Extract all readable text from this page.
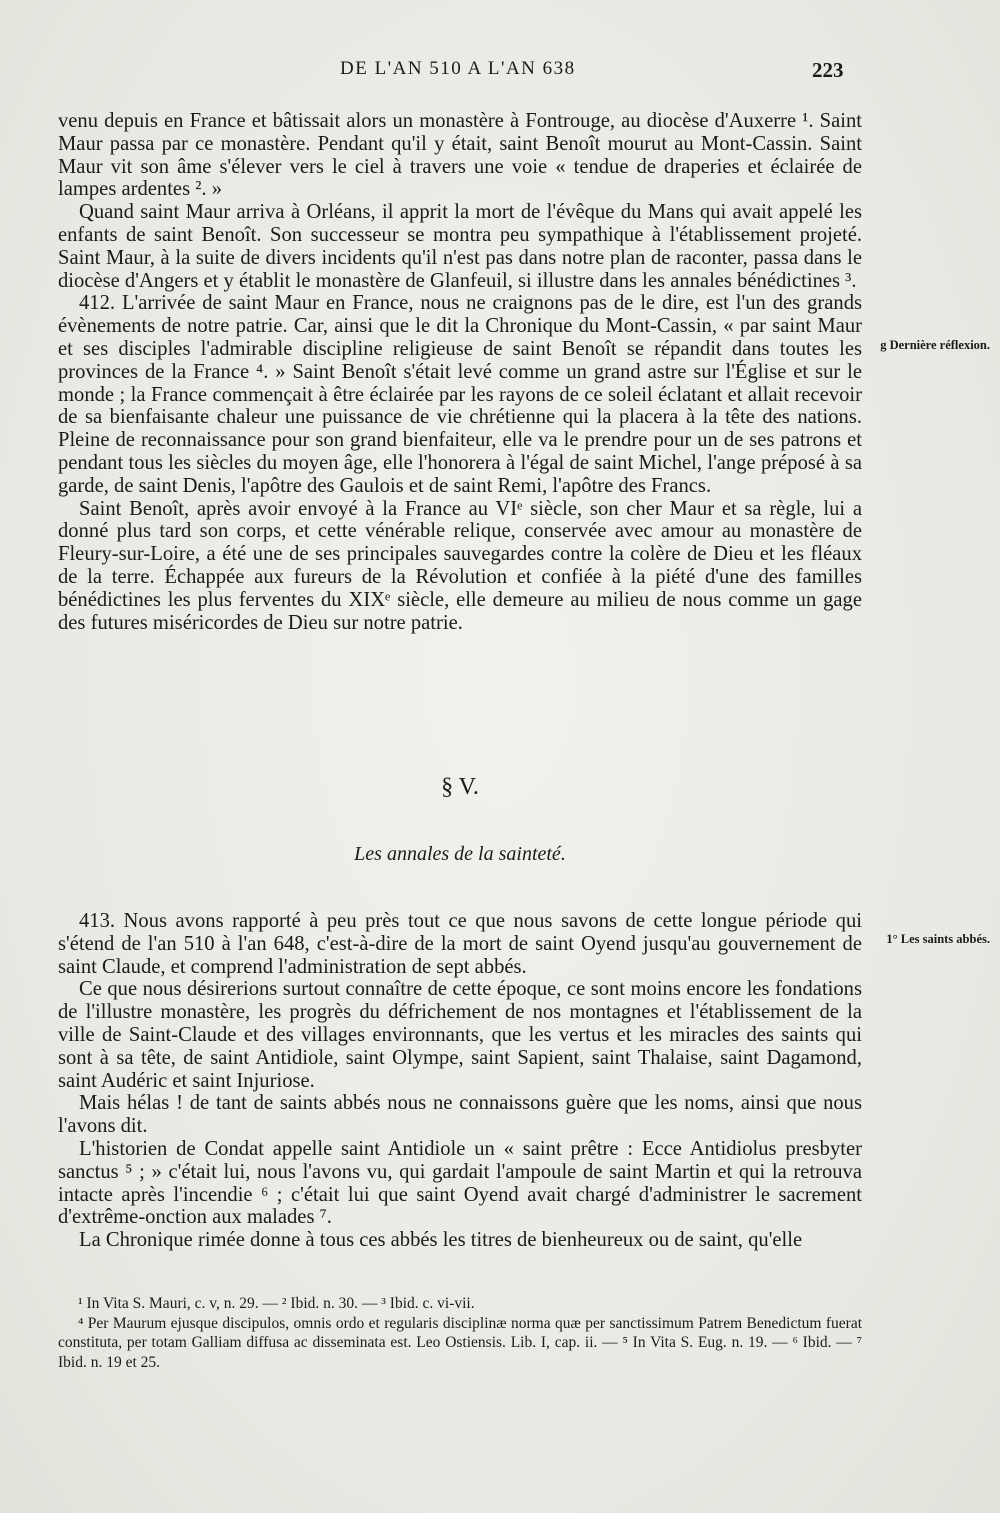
DE L'AN 510 A L'AN 638	223

venu depuis en France et bâtissait alors un monastère à Fontrouge, au diocèse d'Auxerre ¹. Saint Maur passa par ce monastère. Pendant qu'il y était, saint Benoît mourut au Mont-Cassin. Saint Maur vit son âme s'élever vers le ciel à travers une voie « tendue de draperies et éclairée de lampes ardentes ². »

Quand saint Maur arriva à Orléans, il apprit la mort de l'évêque du Mans qui avait appelé les enfants de saint Benoît. Son successeur se montra peu sympathique à l'établissement projeté. Saint Maur, à la suite de divers incidents qu'il n'est pas dans notre plan de raconter, passa dans le diocèse d'Angers et y établit le monastère de Glanfeuil, si illustre dans les annales bénédictines ³.

412. L'arrivée de saint Maur en France, nous ne craignons pas de le dire, est l'un des grands évènements de notre patrie. Car, ainsi que le dit la Chronique du Mont-Cassin, « par saint Maur et ses disciples l'admirable discipline religieuse de saint Benoît se répandit dans toutes les provinces de la France ⁴. » Saint Benoît s'était levé comme un grand astre sur l'Église et sur le monde ; la France commençait à être éclairée par les rayons de ce soleil éclatant et allait recevoir de sa bienfaisante chaleur une puissance de vie chrétienne qui la placera à la tête des nations. Pleine de reconnaissance pour son grand bienfaiteur, elle va le prendre pour un de ses patrons et pendant tous les siècles du moyen âge, elle l'honorera à l'égal de saint Michel, l'ange préposé à sa garde, de saint Denis, l'apôtre des Gaulois et de saint Remi, l'apôtre des Francs.

Saint Benoît, après avoir envoyé à la France au VIᵉ siècle, son cher Maur et sa règle, lui a donné plus tard son corps, et cette vénérable relique, conservée avec amour au monastère de Fleury-sur-Loire, a été une de ses principales sauvegardes contre la colère de Dieu et les fléaux de la terre. Échappée aux fureurs de la Révolution et confiée à la piété d'une des familles bénédictines les plus ferventes du XIXᵉ siècle, elle demeure au milieu de nous comme un gage des futures miséricordes de Dieu sur notre patrie.

g Dernière réflexion.
§ V.
Les annales de la sainteté.

413. Nous avons rapporté à peu près tout ce que nous savons de cette longue période qui s'étend de l'an 510 à l'an 648, c'est-à-dire de la mort de saint Oyend jusqu'au gouvernement de saint Claude, et comprend l'administration de sept abbés.

Ce que nous désirerions surtout connaître de cette époque, ce sont moins encore les fondations de l'illustre monastère, les progrès du défrichement de nos montagnes et l'établissement de la ville de Saint-Claude et des villages environnants, que les vertus et les miracles des saints qui sont à sa tête, de saint Antidiole, saint Olympe, saint Sapient, saint Thalaise, saint Dagamond, saint Audéric et saint Injuriose.

Mais hélas ! de tant de saints abbés nous ne connaissons guère que les noms, ainsi que nous l'avons dit.

L'historien de Condat appelle saint Antidiole un « saint prêtre : Ecce Antidiolus presbyter sanctus ⁵ ; » c'était lui, nous l'avons vu, qui gardait l'ampoule de saint Martin et qui la retrouva intacte après l'incendie ⁶ ; c'était lui que saint Oyend avait chargé d'administrer le sacrement d'extrême-onction aux malades ⁷.

La Chronique rimée donne à tous ces abbés les titres de bienheureux ou de saint, qu'elle

1° Les saints abbés.

¹ In Vita S. Mauri, c. v, n. 29. — ² Ibid. n. 30. — ³ Ibid. c. vi-vii.

⁴ Per Maurum ejusque discipulos, omnis ordo et regularis disciplinæ norma quæ per sanctissimum Patrem Benedictum fuerat constituta, per totam Galliam diffusa ac disseminata est. Leo Ostiensis. Lib. I, cap. ii. — ⁵ In Vita S. Eug. n. 19. — ⁶ Ibid. — ⁷ Ibid. n. 19 et 25.
